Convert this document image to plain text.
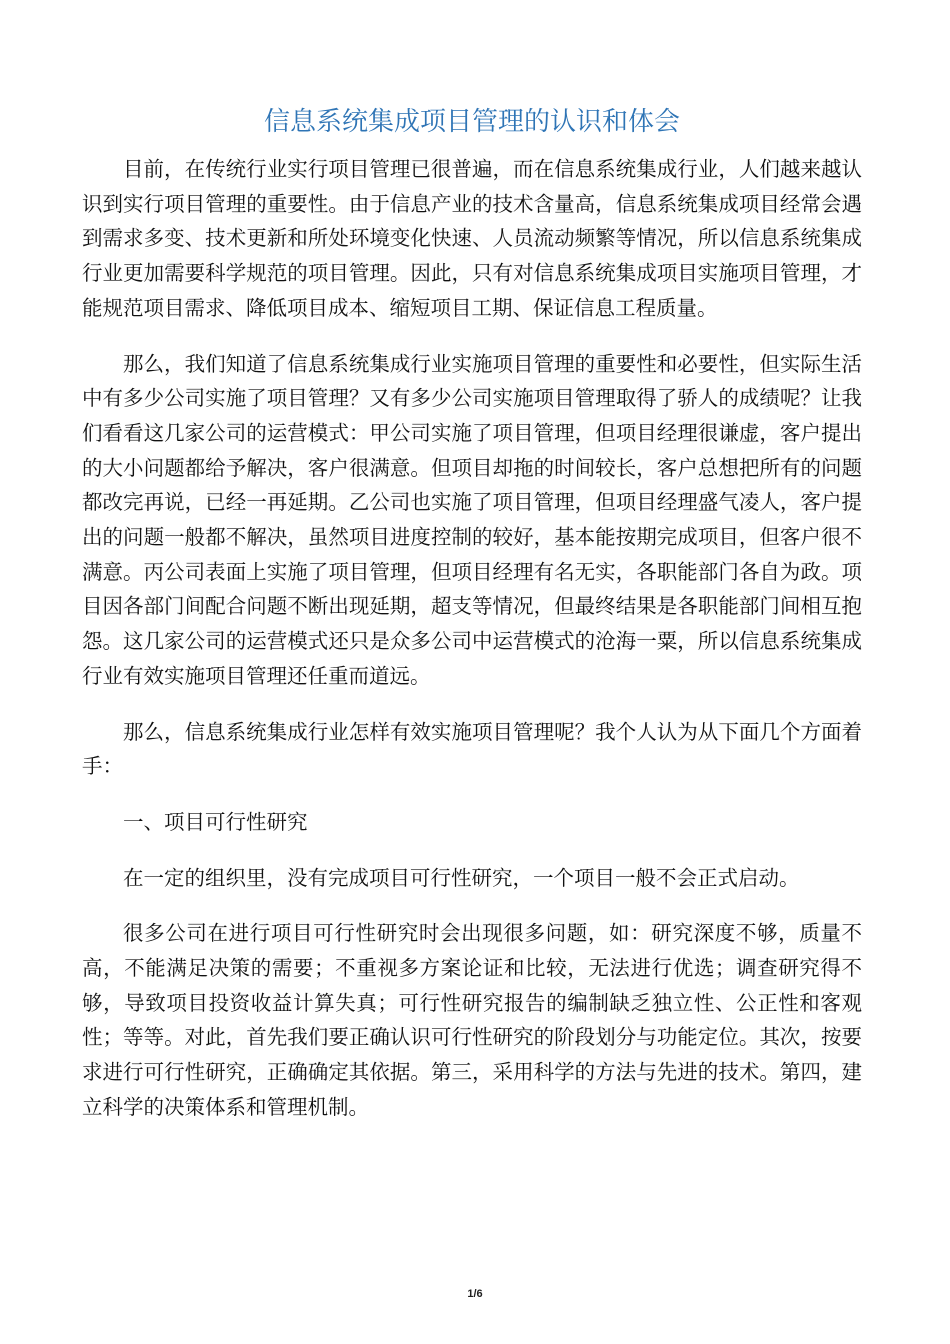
信息系统集成项目管理的认识和体会

目前，在传统行业实行项目管理已很普遍，而在信息系统集成行业，人们越来越认识到实行项目管理的重要性。由于信息产业的技术含量高，信息系统集成项目经常会遇到需求多变、技术更新和所处环境变化快速、人员流动频繁等情况，所以信息系统集成行业更加需要科学规范的项目管理。因此，只有对信息系统集成项目实施项目管理，才能规范项目需求、降低项目成本、缩短项目工期、保证信息工程质量。

那么，我们知道了信息系统集成行业实施项目管理的重要性和必要性，但实际生活中有多少公司实施了项目管理？又有多少公司实施项目管理取得了骄人的成绩呢？让我们看看这几家公司的运营模式：甲公司实施了项目管理，但项目经理很谦虚，客户提出的大小问题都给予解决，客户很满意。但项目却拖的时间较长，客户总想把所有的问题都改完再说，已经一再延期。乙公司也实施了项目管理，但项目经理盛气凌人，客户提出的问题一般都不解决，虽然项目进度控制的较好，基本能按期完成项目，但客户很不满意。丙公司表面上实施了项目管理，但项目经理有名无实，各职能部门各自为政。项目因各部门间配合问题不断出现延期，超支等情况，但最终结果是各职能部门间相互抱怨。这几家公司的运营模式还只是众多公司中运营模式的沧海一粟，所以信息系统集成行业有效实施项目管理还任重而道远。

那么，信息系统集成行业怎样有效实施项目管理呢？我个人认为从下面几个方面着手：

一、项目可行性研究

在一定的组织里，没有完成项目可行性研究，一个项目一般不会正式启动。

很多公司在进行项目可行性研究时会出现很多问题，如：研究深度不够，质量不高，不能满足决策的需要；不重视多方案论证和比较，无法进行优选；调查研究得不够，导致项目投资收益计算失真；可行性研究报告的编制缺乏独立性、公正性和客观性；等等。对此，首先我们要正确认识可行性研究的阶段划分与功能定位。其次，按要求进行可行性研究，正确确定其依据。第三，采用科学的方法与先进的技术。第四，建立科学的决策体系和管理机制。

1/6
